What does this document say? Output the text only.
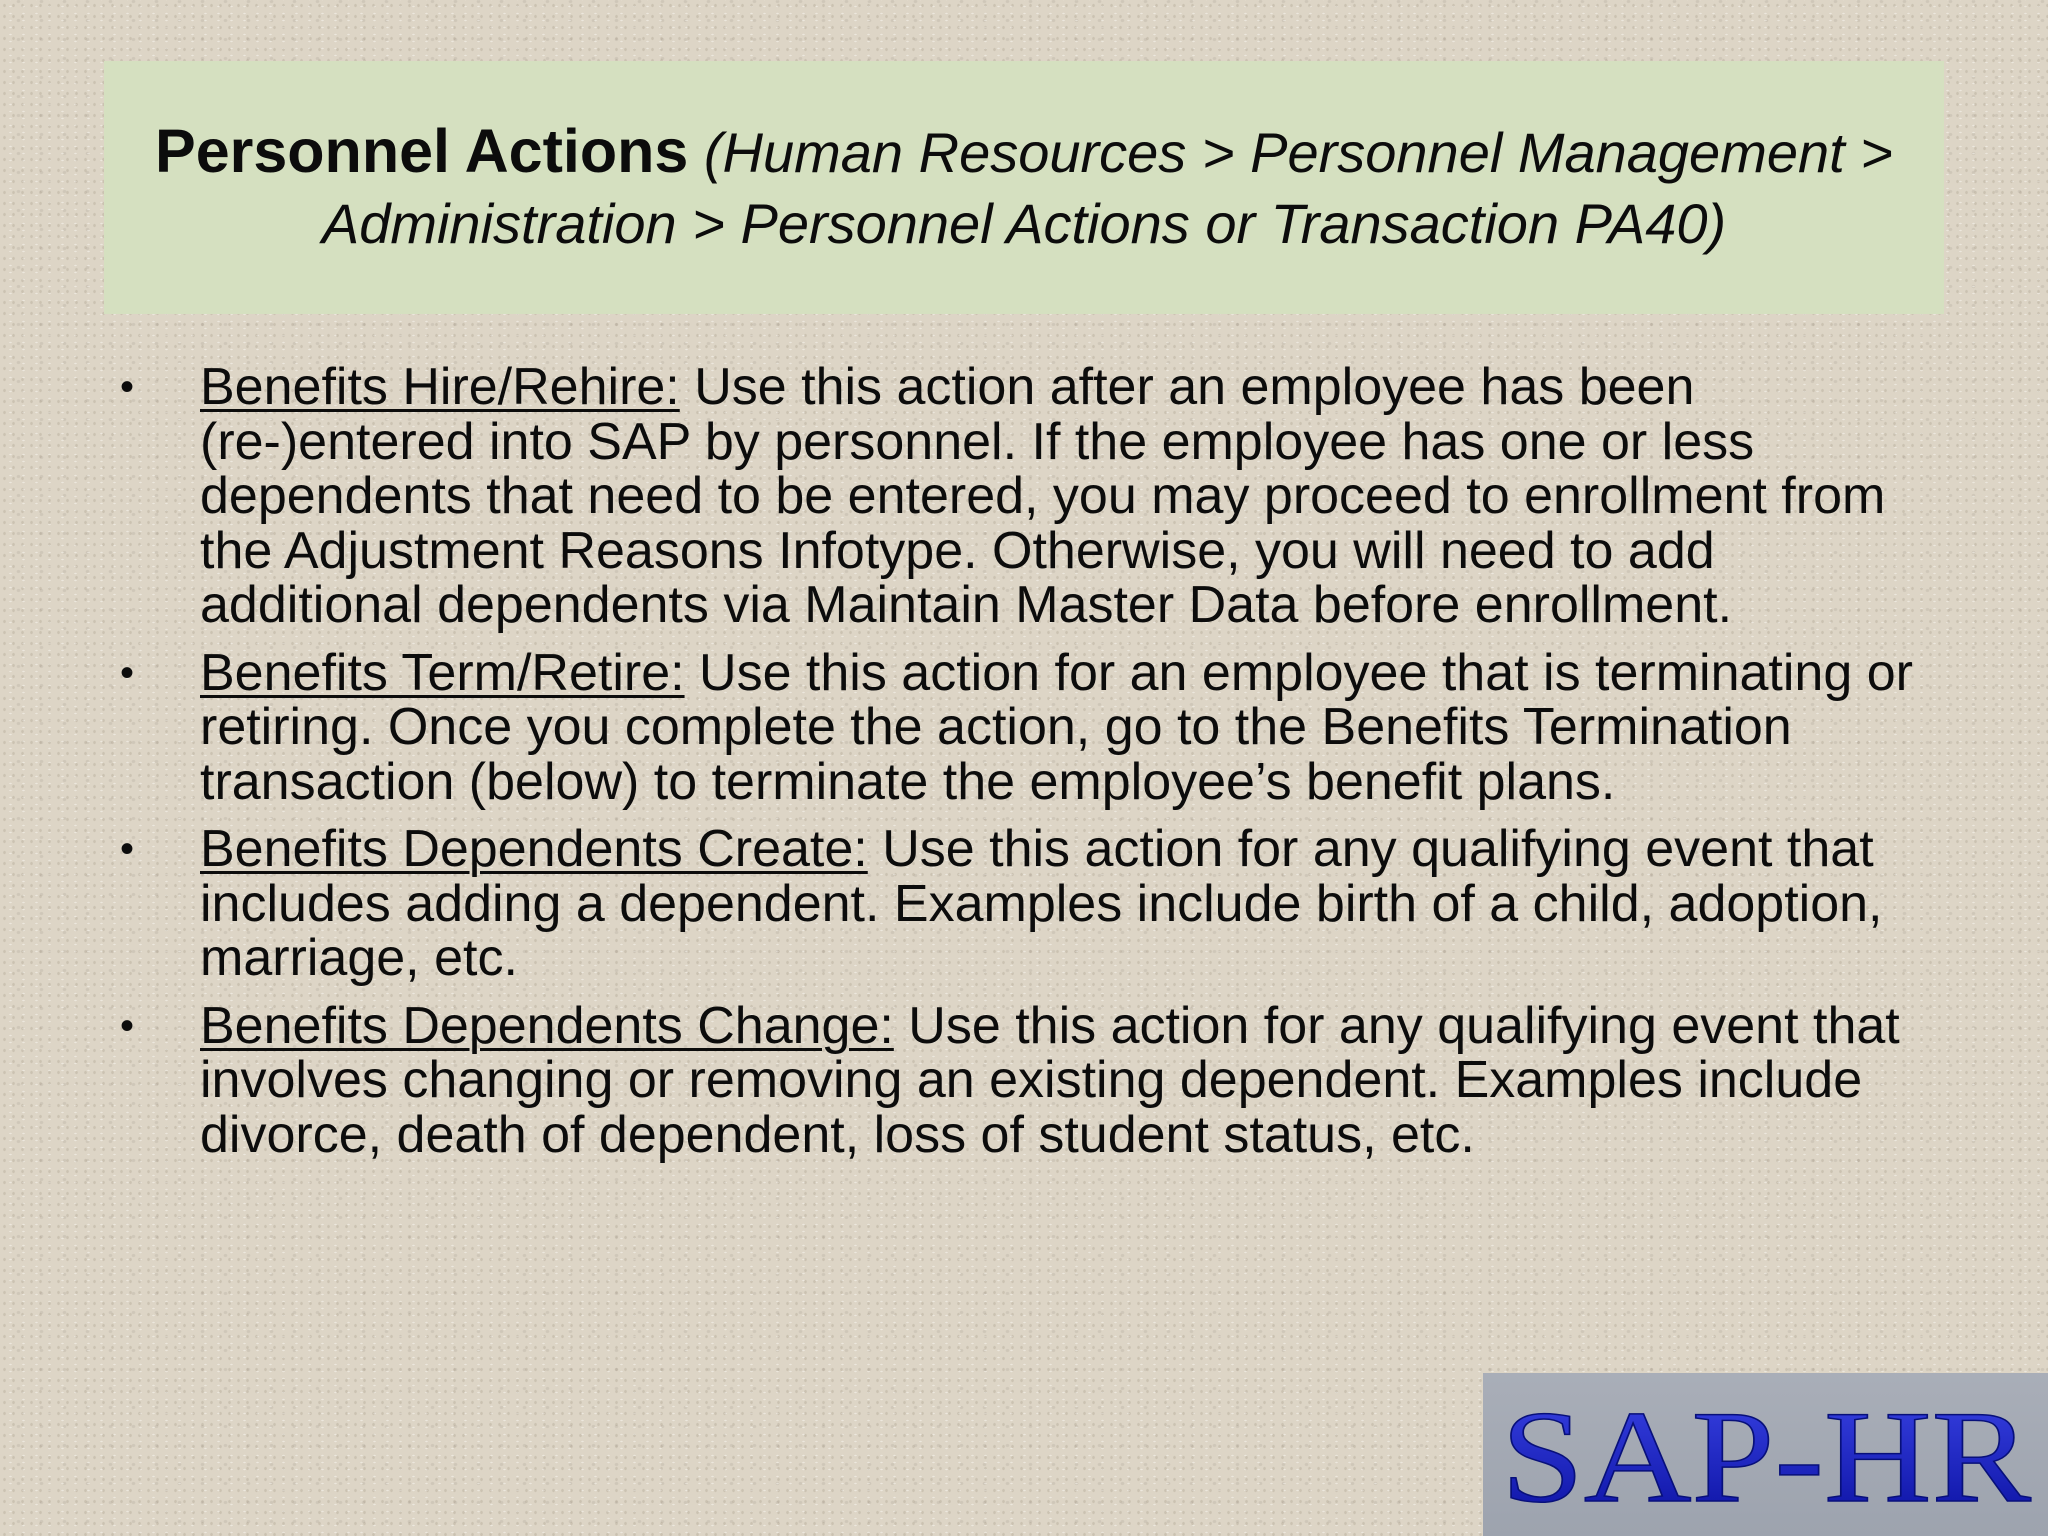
Personnel Actions (Human Resources > Personnel Management > Administration > Personnel Actions or Transaction PA40)
• Benefits Hire/Rehire: Use this action after an employee has been (re-)entered into SAP by personnel. If the employee has one or less dependents that need to be entered, you may proceed to enrollment from the Adjustment Reasons Infotype. Otherwise, you will need to add additional dependents via Maintain Master Data before enrollment.
• Benefits Term/Retire: Use this action for an employee that is terminating or retiring. Once you complete the action, go to the Benefits Termination transaction (below) to terminate the employee’s benefit plans.
• Benefits Dependents Create: Use this action for any qualifying event that includes adding a dependent. Examples include birth of a child, adoption, marriage, etc.
• Benefits Dependents Change: Use this action for any qualifying event that involves changing or removing an existing dependent. Examples include divorce, death of dependent, loss of student status, etc.
SAP-HR
